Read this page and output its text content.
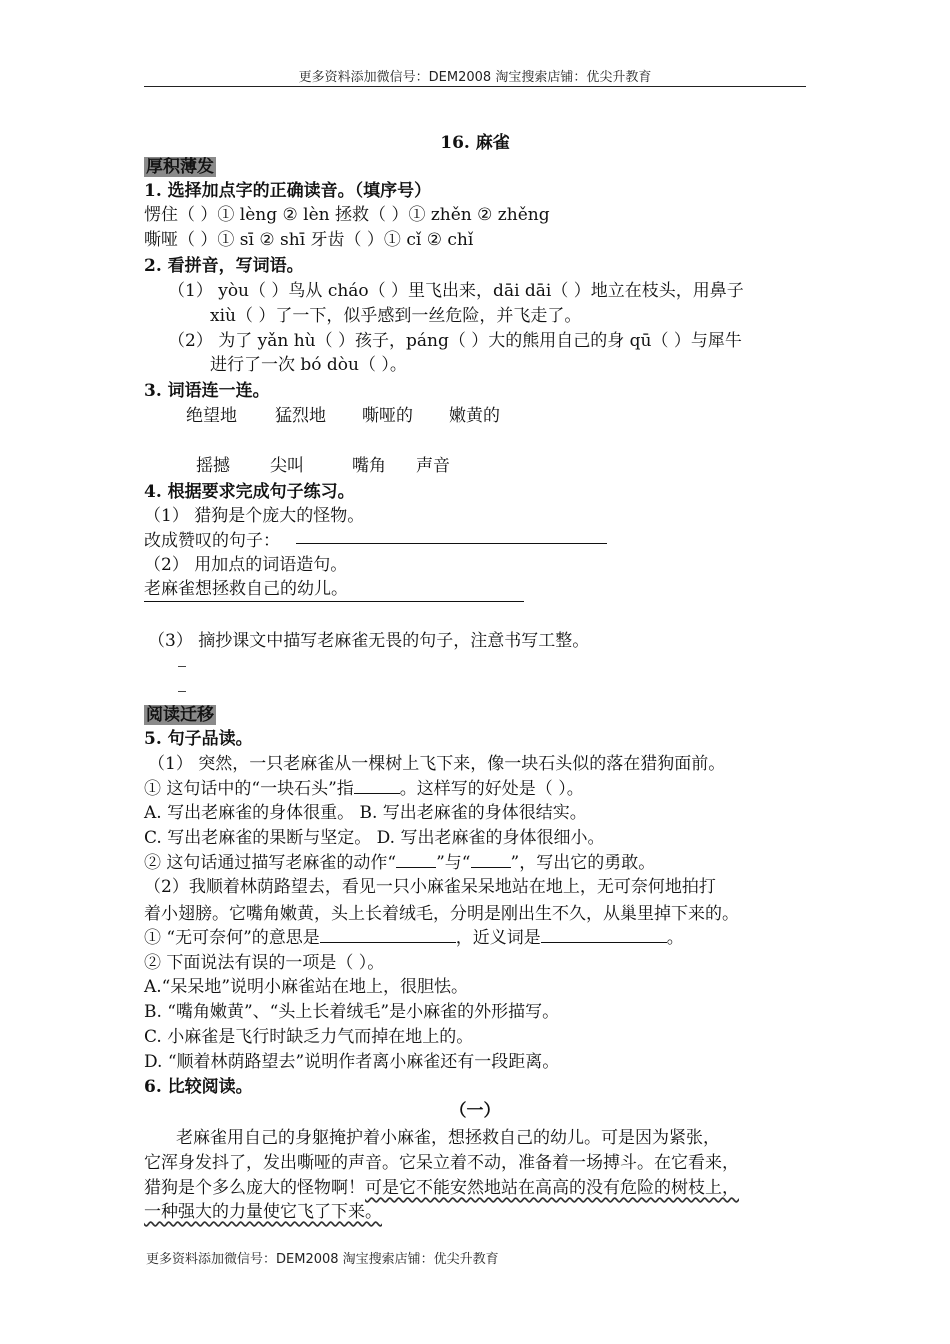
更多资料添加微信号：DEM2008 淘宝搜索店铺：优尖升教育
16. 麻雀
厚积薄发
1. 选择加点字的正确读音。（填序号）
愣住（ ）① lèng ② lèn 拯救（ ）① zhěn ② zhěng
嘶哑（ ）① sī ② shī 牙齿（ ）① cǐ ② chǐ
2. 看拼音，写词语。
（1） yòu（ ）鸟从 cháo（ ）里飞出来，dāi dāi（ ）地立在枝头，用鼻子
xiù（ ）了一下，似乎感到一丝危险，并飞走了。
（2） 为了 yǎn hù（ ）孩子，páng（ ）大的熊用自己的身 qū（ ）与犀牛
进行了一次 bó dòu（ ）。
3. 词语连一连。
绝望地 猛烈地 嘶哑的 嫩黄的
摇撼 尖叫	嘴角 声音
4. 根据要求完成句子练习。
（1） 猎狗是个庞大的怪物。
改成赞叹的句子：
（2） 用加点的词语造句。
老麻雀想拯救自己的幼儿。
（3） 摘抄课文中描写老麻雀无畏的句子，注意书写工整。
阅读迁移
5. 句子品读。
（1） 突然，一只老麻雀从一棵树上飞下来，像一块石头似的落在猎狗面前。
① 这句话中的“一块石头”指	。这样写的好处是（ ）。
A. 写出老麻雀的身体很重。 B. 写出老麻雀的身体很结实。
C. 写出老麻雀的果断与坚定。 D. 写出老麻雀的身体很细小。
② 这句话通过描写老麻雀的动作“ ”与“ ”，写出它的勇敢。
（2）我顺着林荫路望去，看见一只小麻雀呆呆地站在地上，无可奈何地拍打
着小翅膀。它嘴角嫩黄，头上长着绒毛，分明是刚出生不久，从巢里掉下来的。
① “无可奈何”的意思是	，近义词是	。
② 下面说法有误的一项是（ ）。
A.“呆呆地”说明小麻雀站在地上，很胆怯。
B. “嘴角嫩黄”、“头上长着绒毛”是小麻雀的外形描写。
C. 小麻雀是飞行时缺乏力气而掉在地上的。
D. “顺着林荫路望去”说明作者离小麻雀还有一段距离。
6. 比较阅读。
（一）
老麻雀用自己的身躯掩护着小麻雀，想拯救自己的幼儿。可是因为紧张，
它浑身发抖了，发出嘶哑的声音。它呆立着不动，准备着一场搏斗。在它看来，
猎狗是个多么庞大的怪物啊！可是它不能安然地站在高高的没有危险的树枝上，
一种强大的力量使它飞了下来。
更多资料添加微信号：DEM2008 淘宝搜索店铺：优尖升教育
